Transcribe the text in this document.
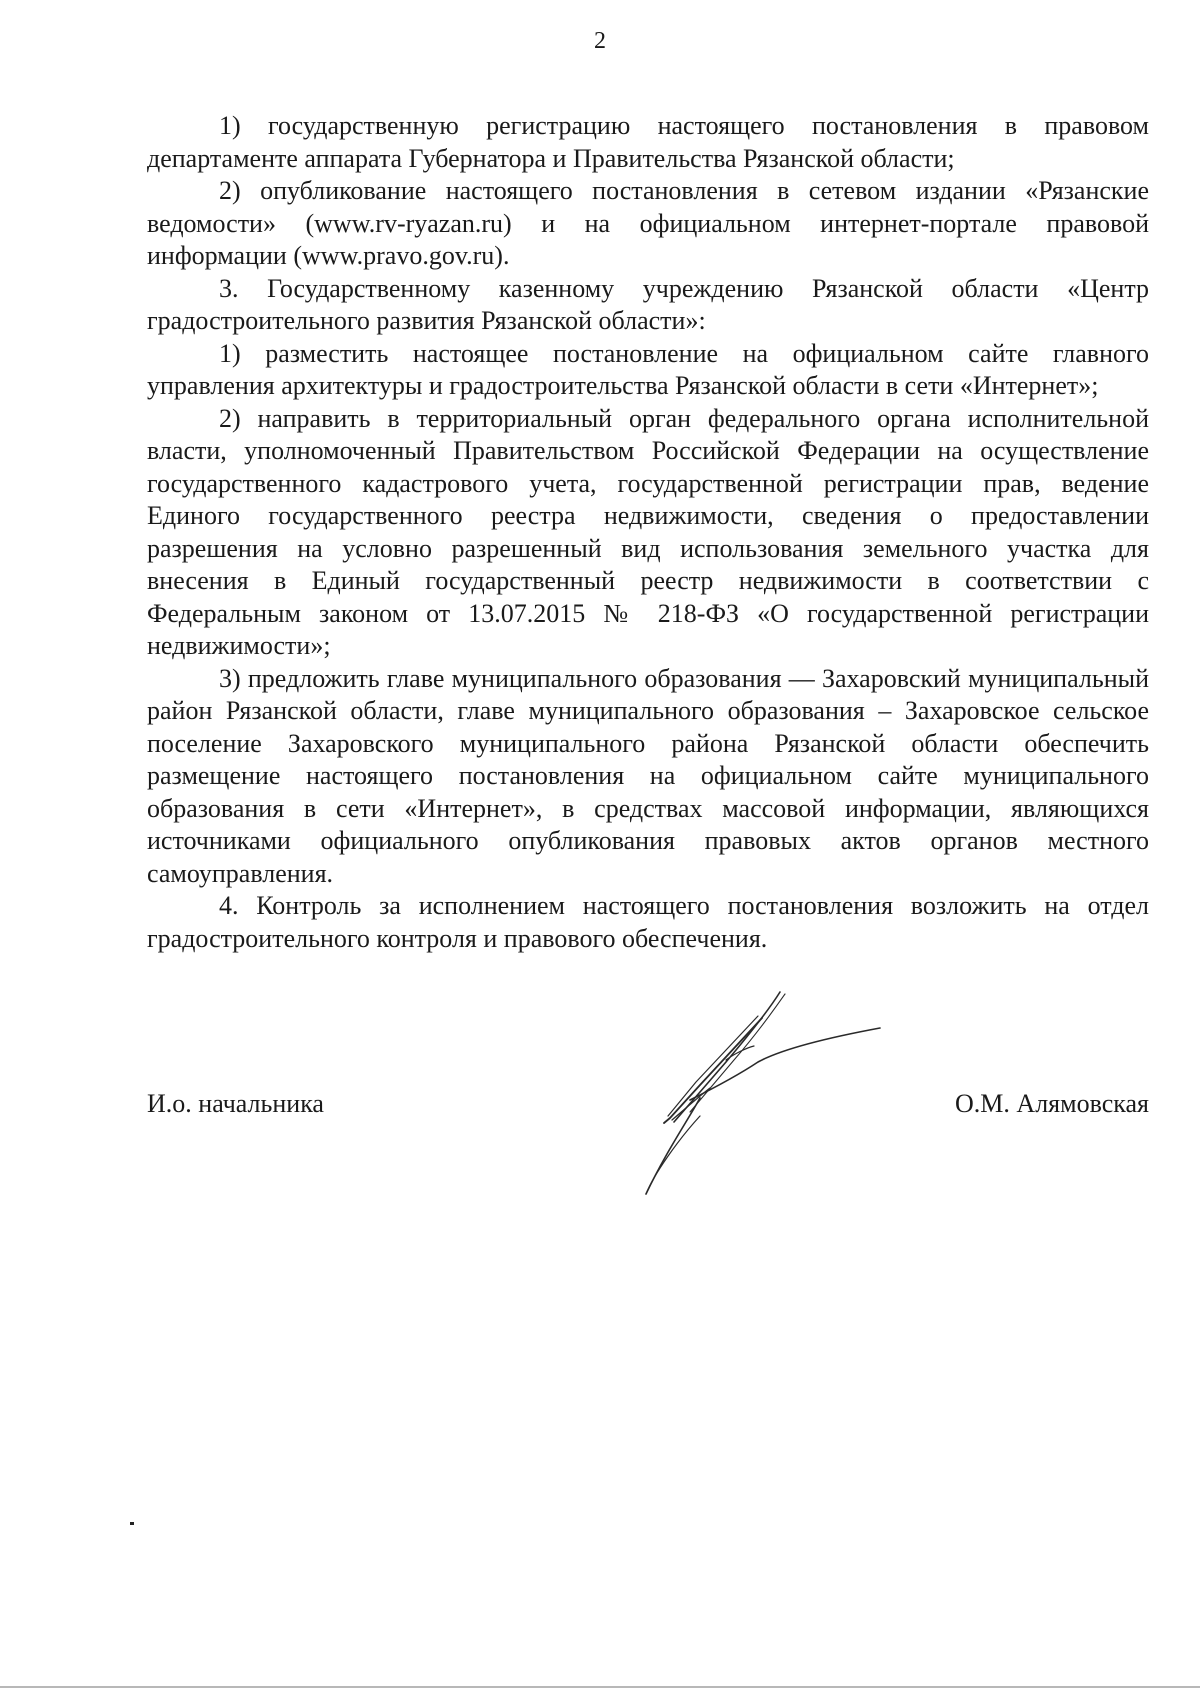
2

1) государственную регистрацию настоящего постановления в правовом департаменте аппарата Губернатора и Правительства Рязанской области;

2) опубликование настоящего постановления в сетевом издании «Рязанские ведомости» (www.rv-ryazan.ru) и на официальном интернет-портале правовой информации (www.pravo.gov.ru).

3. Государственному казенному учреждению Рязанской области «Центр градостроительного развития Рязанской области»:

1) разместить настоящее постановление на официальном сайте главного управления архитектуры и градостроительства Рязанской области в сети «Интернет»;

2) направить в территориальный орган федерального органа исполнительной власти, уполномоченный Правительством Российской Федерации на осуществление государственного кадастрового учета, государственной регистрации прав, ведение Единого государственного реестра недвижимости, сведения о предоставлении разрешения на условно разрешенный вид использования земельного участка для внесения в Единый государственный реестр недвижимости в соответствии с Федеральным законом от 13.07.2015 № 218-ФЗ «О государственной регистрации недвижимости»;

3) предложить главе муниципального образования — Захаровский муниципальный район Рязанской области, главе муниципального образования – Захаровское сельское поселение Захаровского муниципального района Рязанской области обеспечить размещение настоящего постановления на официальном сайте муниципального образования в сети «Интернет», в средствах массовой информации, являющихся источниками официального опубликования правовых актов органов местного самоуправления.

4. Контроль за исполнением настоящего постановления возложить на отдел градостроительного контроля и правового обеспечения.

И.о. начальника	О.М. Алямовская
